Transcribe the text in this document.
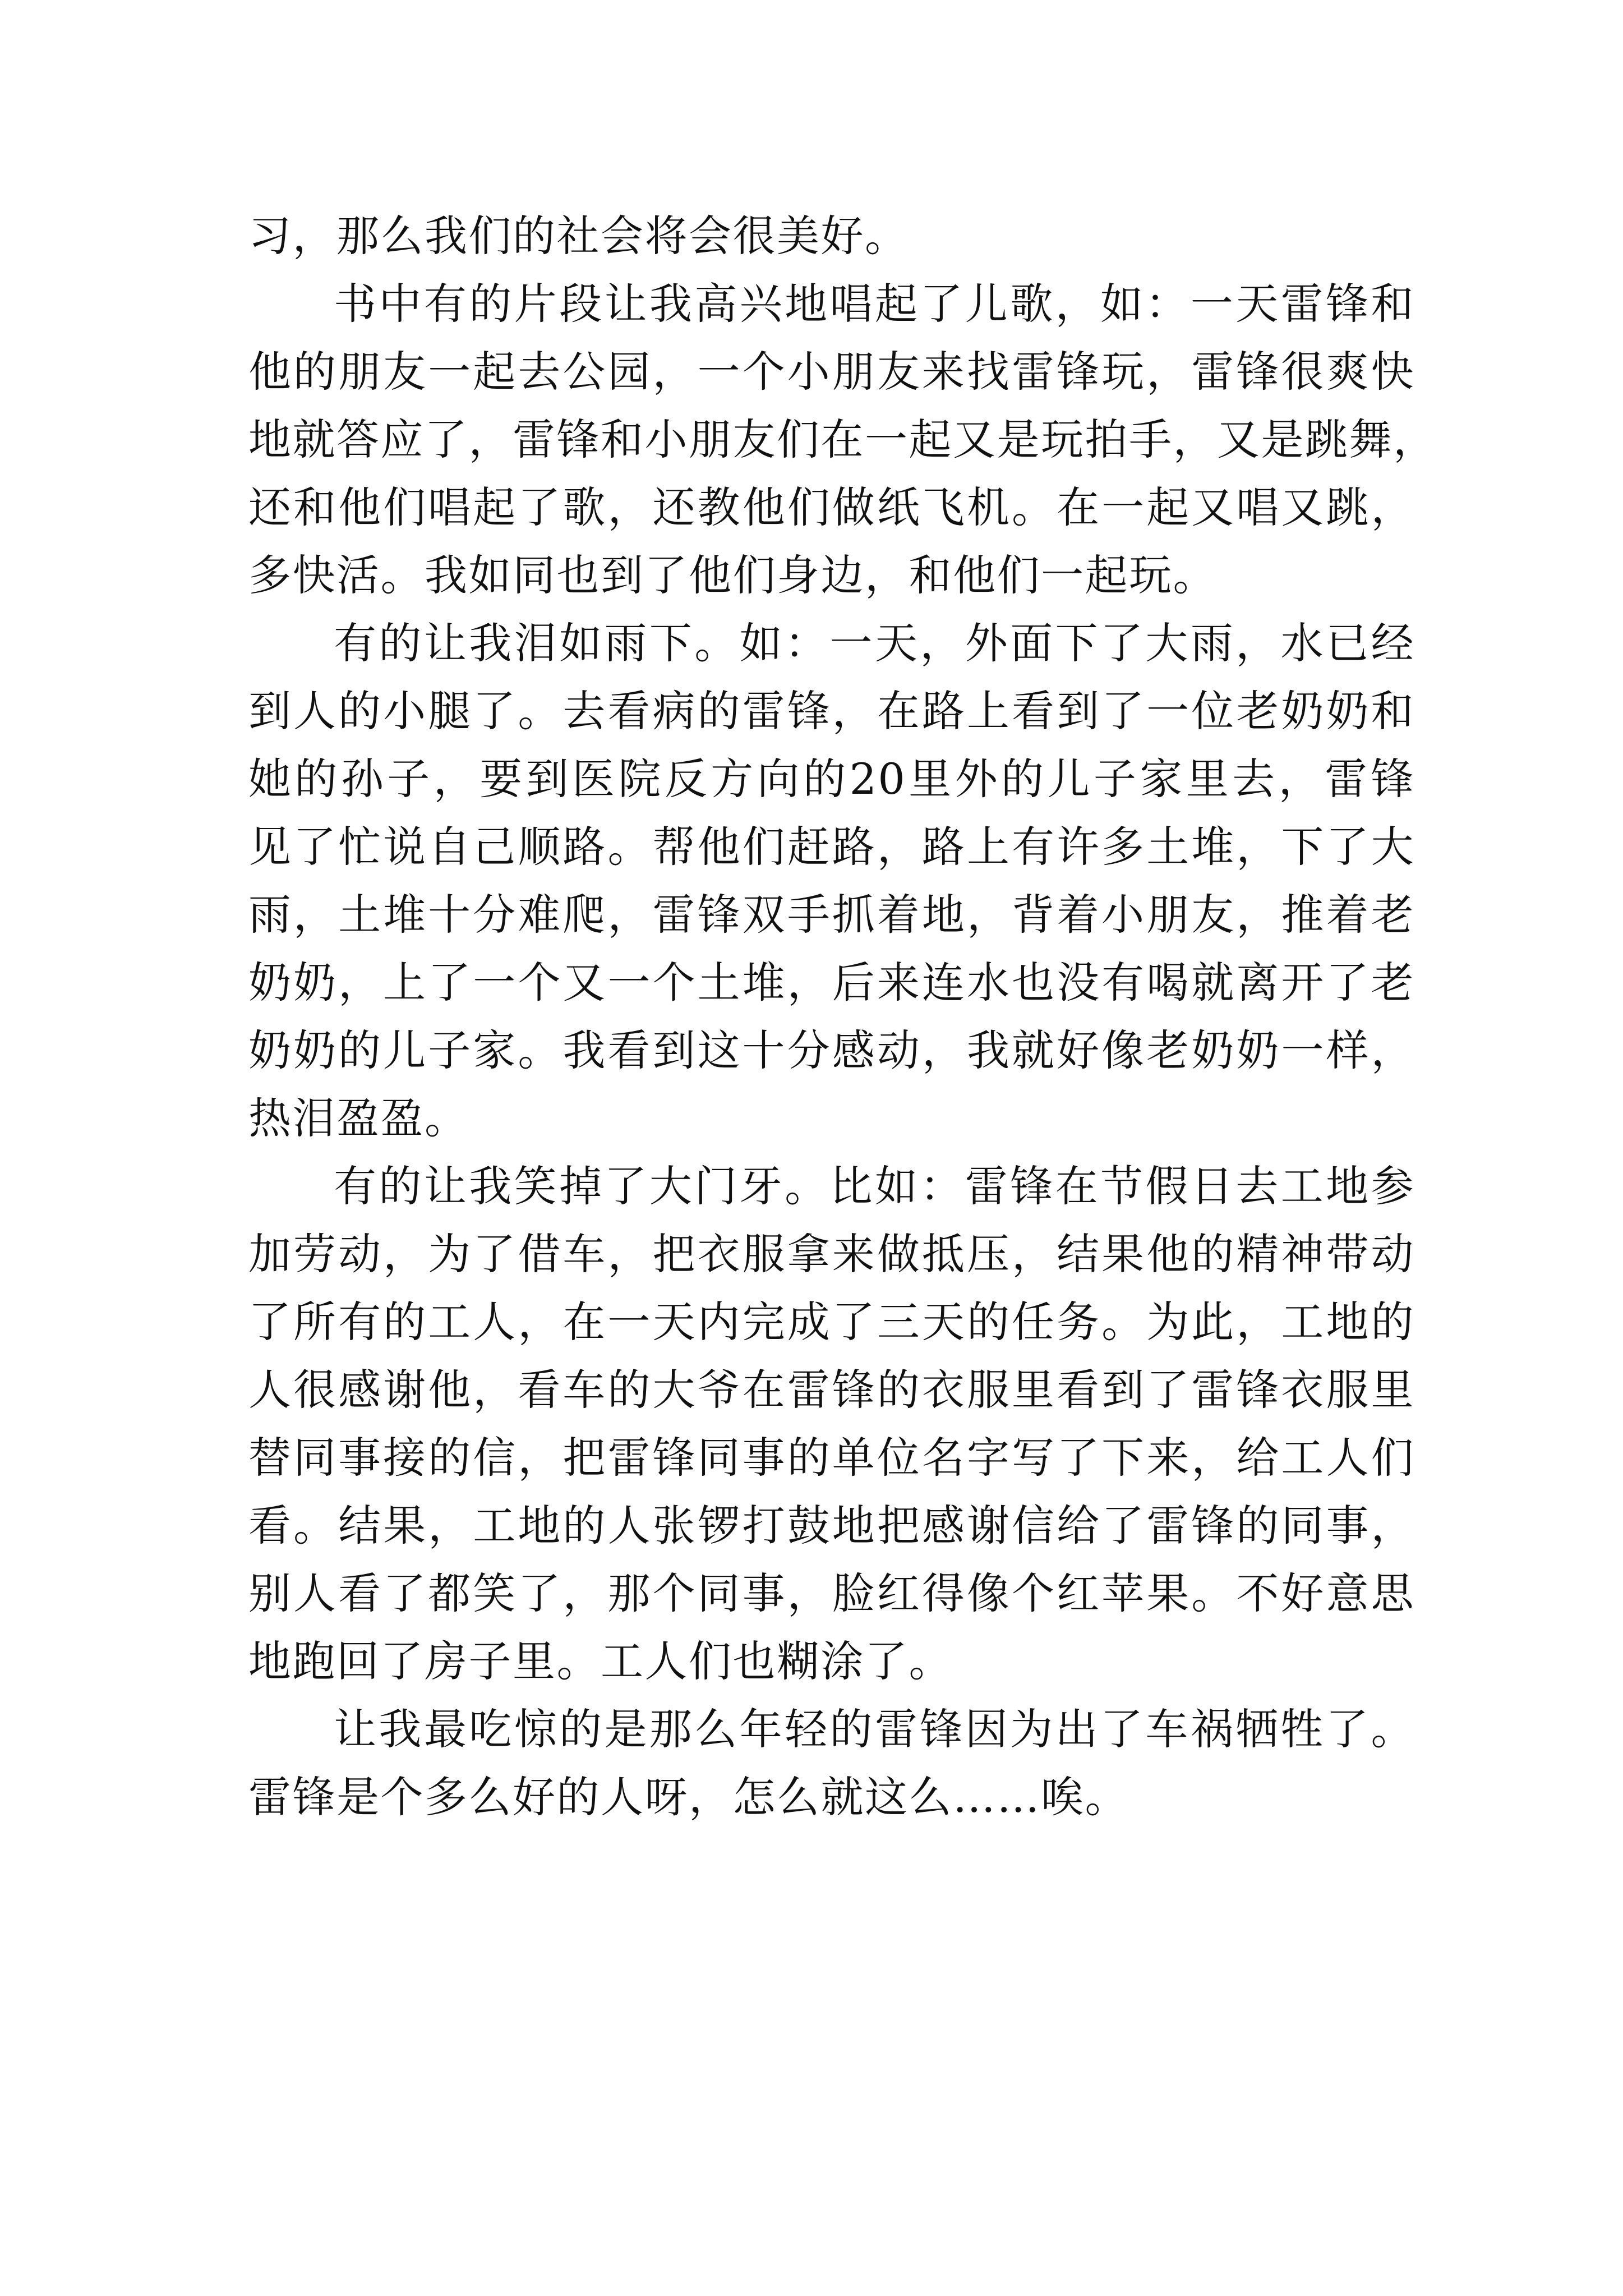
习，那么我们的社会将会很美好。
书中有的片段让我高兴地唱起了儿歌，如：一天雷锋和
他的朋友一起去公园，一个小朋友来找雷锋玩，雷锋很爽快
地就答应了，雷锋和小朋友们在一起又是玩拍手，又是跳舞，
还和他们唱起了歌，还教他们做纸飞机。在一起又唱又跳，
多快活。我如同也到了他们身边，和他们一起玩。
有的让我泪如雨下。如：一天，外面下了大雨，水已经
到人的小腿了。去看病的雷锋，在路上看到了一位老奶奶和
她的孙子，要到医院反方向的20里外的儿子家里去，雷锋
见了忙说自己顺路。帮他们赶路，路上有许多土堆，下了大
雨，土堆十分难爬，雷锋双手抓着地，背着小朋友，推着老
奶奶，上了一个又一个土堆，后来连水也没有喝就离开了老
奶奶的儿子家。我看到这十分感动，我就好像老奶奶一样，
热泪盈盈。
有的让我笑掉了大门牙。比如：雷锋在节假日去工地参
加劳动，为了借车，把衣服拿来做抵压，结果他的精神带动
了所有的工人，在一天内完成了三天的任务。为此，工地的
人很感谢他，看车的大爷在雷锋的衣服里看到了雷锋衣服里
替同事接的信，把雷锋同事的单位名字写了下来，给工人们
看。结果，工地的人张锣打鼓地把感谢信给了雷锋的同事，
别人看了都笑了，那个同事，脸红得像个红苹果。不好意思
地跑回了房子里。工人们也糊涂了。
让我最吃惊的是那么年轻的雷锋因为出了车祸牺牲了。
雷锋是个多么好的人呀，怎么就这么……唉。
